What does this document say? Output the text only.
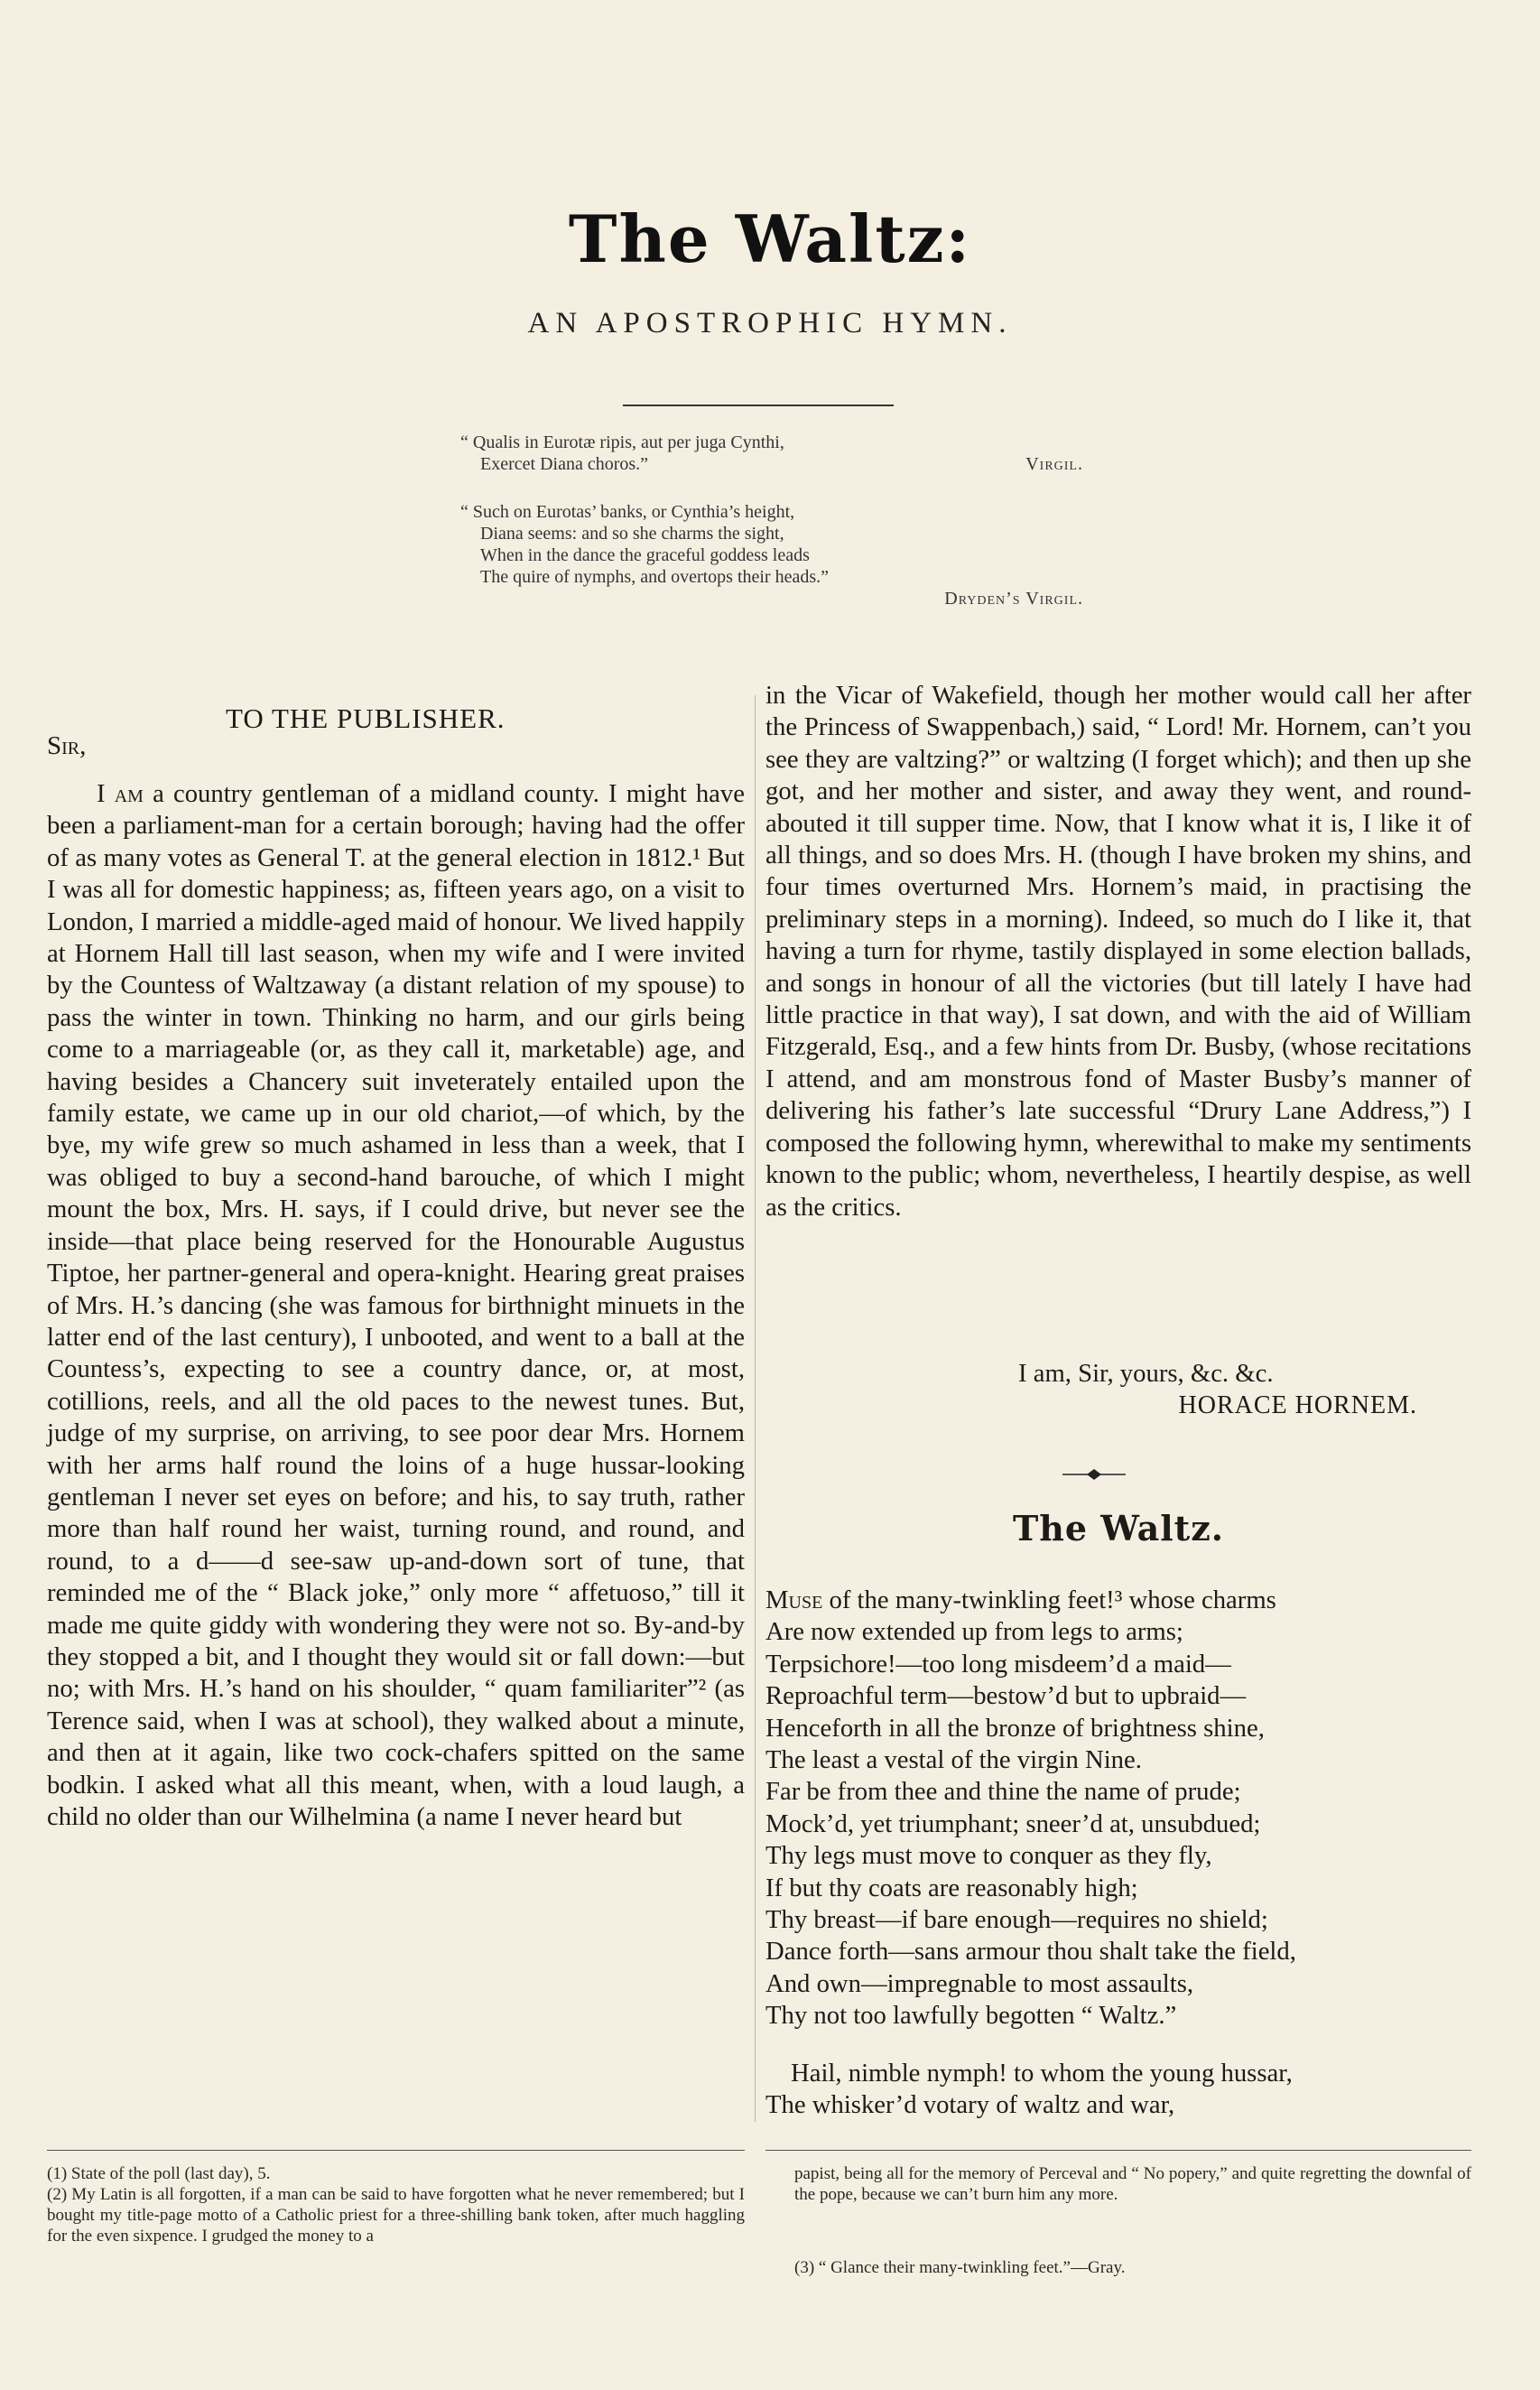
The Waltz:
AN APOSTROPHIC HYMN.
“ Qualis in Eurotæ ripis, aut per juga Cynthi,
Exercet Diana choros.”	Virgil.
“ Such on Eurotas’ banks, or Cynthia’s height,
Diana seems: and so she charms the sight,
When in the dance the graceful goddess leads
The quire of nymphs, and overtops their heads.”
Dryden’s Virgil.
TO THE PUBLISHER.
Sir,

I am a country gentleman of a midland county. I might have been a parliament-man for a certain borough; having had the offer of as many votes as General T. at the general election in 1812.¹ But I was all for domestic happiness; as, fifteen years ago, on a visit to London, I married a middle-aged maid of honour. We lived happily at Hornem Hall till last season, when my wife and I were invited by the Countess of Waltzaway (a distant relation of my spouse) to pass the winter in town. Thinking no harm, and our girls being come to a marriageable (or, as they call it, marketable) age, and having besides a Chancery suit inveterately entailed upon the family estate, we came up in our old chariot,—of which, by the bye, my wife grew so much ashamed in less than a week, that I was obliged to buy a second-hand barouche, of which I might mount the box, Mrs. H. says, if I could drive, but never see the inside—that place being reserved for the Honourable Augustus Tiptoe, her partner-general and opera-knight. Hearing great praises of Mrs. H.’s dancing (she was famous for birthnight minuets in the latter end of the last century), I unbooted, and went to a ball at the Countess’s, expecting to see a country dance, or, at most, cotillions, reels, and all the old paces to the newest tunes. But, judge of my surprise, on arriving, to see poor dear Mrs. Hornem with her arms half round the loins of a huge hussar-looking gentleman I never set eyes on before; and his, to say truth, rather more than half round her waist, turning round, and round, and round, to a d——d see-saw up-and-down sort of tune, that reminded me of the “ Black joke,” only more “ affetuoso,” till it made me quite giddy with wondering they were not so. By-and-by they stopped a bit, and I thought they would sit or fall down:—but no; with Mrs. H.’s hand on his shoulder, “ quam familiariter”² (as Terence said, when I was at school), they walked about a minute, and then at it again, like two cock-chafers spitted on the same bodkin. I asked what all this meant, when, with a loud laugh, a child no older than our Wilhelmina (a name I never heard but

in the Vicar of Wakefield, though her mother would call her after the Princess of Swappenbach,) said, “ Lord! Mr. Hornem, can’t you see they are valtzing?” or waltzing (I forget which); and then up she got, and her mother and sister, and away they went, and round-abouted it till supper time. Now, that I know what it is, I like it of all things, and so does Mrs. H. (though I have broken my shins, and four times overturned Mrs. Hornem’s maid, in practising the preliminary steps in a morning). Indeed, so much do I like it, that having a turn for rhyme, tastily displayed in some election ballads, and songs in honour of all the victories (but till lately I have had little practice in that way), I sat down, and with the aid of William Fitzgerald, Esq., and a few hints from Dr. Busby, (whose recitations I attend, and am monstrous fond of Master Busby’s manner of delivering his father’s late successful “Drury Lane Address,”) I composed the following hymn, wherewithal to make my sentiments known to the public; whom, nevertheless, I heartily despise, as well as the critics.

I am, Sir, yours, &c. &c.
HORACE HORNEM.
The Waltz.
Muse of the many-twinkling feet!³ whose charms
Are now extended up from legs to arms;
Terpsichore!—too long misdeem’d a maid—
Reproachful term—bestow’d but to upbraid—
Henceforth in all the bronze of brightness shine,
The least a vestal of the virgin Nine.
Far be from thee and thine the name of prude;
Mock’d, yet triumphant; sneer’d at, unsubdued;
Thy legs must move to conquer as they fly,
If but thy coats are reasonably high;
Thy breast—if bare enough—requires no shield;
Dance forth—sans armour thou shalt take the field,
And own—impregnable to most assaults,
Thy not too lawfully begotten “ Waltz.”
Hail, nimble nymph! to whom the young hussar,
The whisker’d votary of waltz and war,

(1) State of the poll (last day), 5.

(2) My Latin is all forgotten, if a man can be said to have forgotten what he never remembered; but I bought my title-page motto of a Catholic priest for a three-shilling bank token, after much haggling for the even sixpence. I grudged the money to a

papist, being all for the memory of Perceval and “ No popery,” and quite regretting the downfal of the pope, because we can’t burn him any more.

(3) “ Glance their many-twinkling feet.”—Gray.
